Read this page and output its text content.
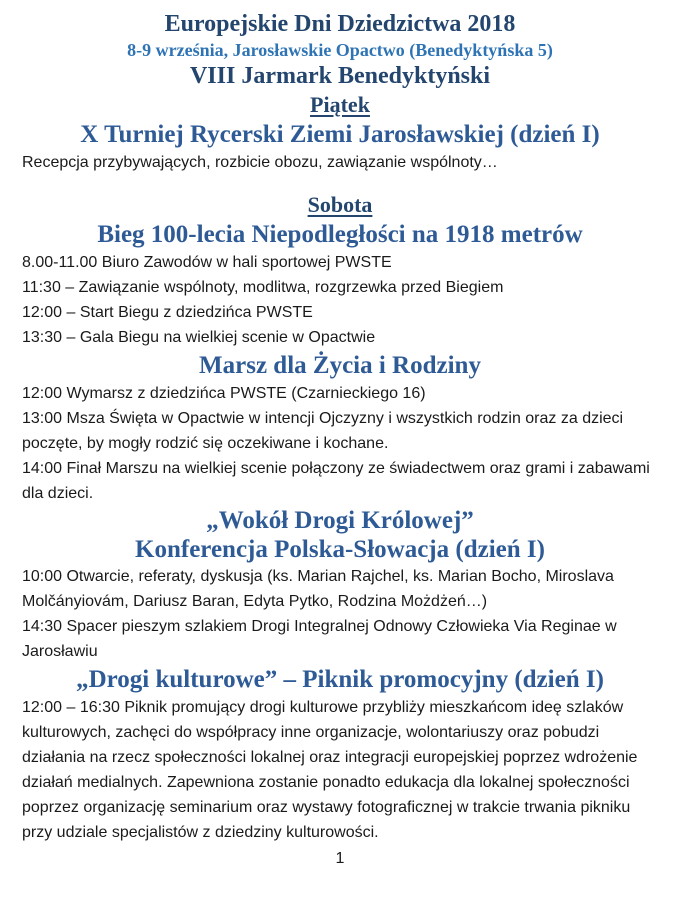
Europejskie Dni Dziedzictwa 2018

8-9 września, Jarosławskie Opactwo (Benedyktyńska 5)

VIII Jarmark Benedyktyński

Piątek

X Turniej Rycerski Ziemi Jarosławskiej (dzień I)

Recepcja przybywających, rozbicie obozu, zawiązanie wspólnoty…

Sobota

Bieg 100-lecia Niepodległości na 1918 metrów

8.00-11.00 Biuro Zawodów w hali sportowej PWSTE

11:30 – Zawiązanie wspólnoty, modlitwa, rozgrzewka przed Biegiem

12:00 – Start Biegu z dziedzińca PWSTE

13:30 – Gala Biegu na wielkiej scenie w Opactwie

Marsz dla Życia i Rodziny

12:00 Wymarsz z dziedzińca PWSTE (Czarnieckiego 16)

13:00 Msza Święta w Opactwie w intencji Ojczyzny i wszystkich rodzin oraz za dzieci poczęte, by mogły rodzić się oczekiwane i kochane.

14:00 Finał Marszu na wielkiej scenie połączony ze świadectwem oraz grami i zabawami dla dzieci.

„Wokół Drogi Królowej”

Konferencja Polska-Słowacja (dzień I)

10:00 Otwarcie, referaty, dyskusja (ks. Marian Rajchel, ks. Marian Bocho, Miroslava Molčányiovám, Dariusz Baran, Edyta Pytko, Rodzina Możdżeń…)

14:30 Spacer pieszym szlakiem Drogi Integralnej Odnowy Człowieka Via Reginae w Jarosławiu

„Drogi kulturowe” – Piknik promocyjny (dzień I)

12:00 – 16:30 Piknik promujący drogi kulturowe przybliży mieszkańcom ideę szlaków kulturowych, zachęci do współpracy inne organizacje, wolontariuszy oraz pobudzi działania na rzecz społeczności lokalnej oraz integracji europejskiej poprzez wdrożenie działań medialnych. Zapewniona zostanie ponadto edukacja dla lokalnej społeczności poprzez organizację seminarium oraz wystawy fotograficznej w trakcie trwania pikniku przy udziale specjalistów z dziedziny kulturowości.

1
